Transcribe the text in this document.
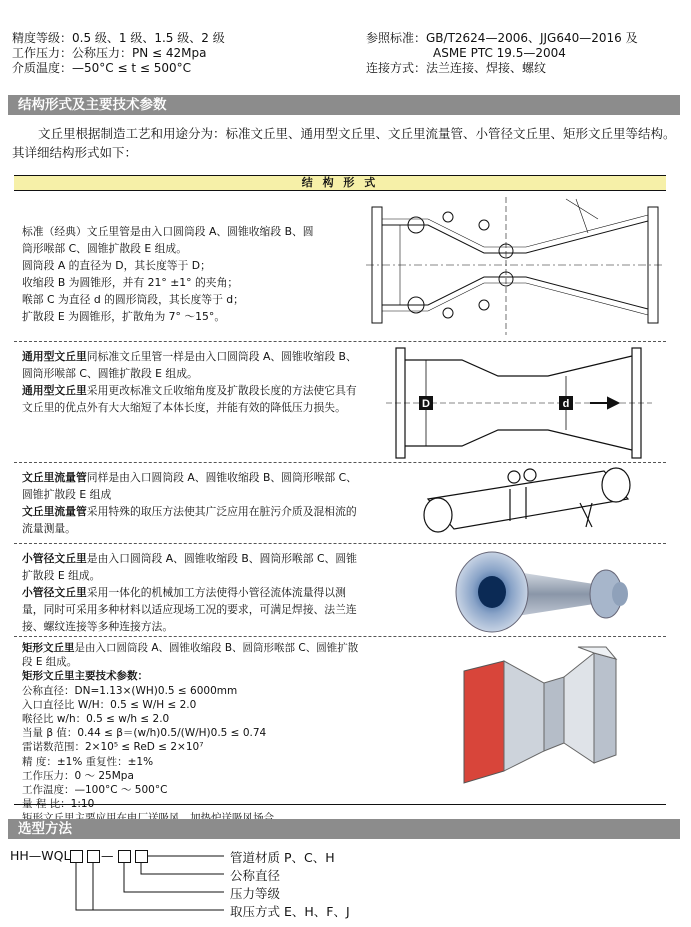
精度等级：0.5 级、1 级、1.5 级、2 级
工作压力：公称压力：PN ≤ 42Mpa
介质温度：—50°C ≤ t ≤ 500°C
参照标准：GB/T2624—2006、JJG640—2016 及
ASME PTC 19.5—2004
连接方式：法兰连接、焊接、螺纹
结构形式及主要技术参数
文丘里根据制造工艺和用途分为：标准文丘里、通用型文丘里、文丘里流量管、小管径文丘里、矩形文丘里等结构。其详细结构形式如下：
结 构 形 式

标准（经典）文丘里管是由入口圆筒段 A、圆锥收缩段 B、圆

筒形喉部 C、圆锥扩散段 E 组成。

圆筒段 A 的直径为 D，其长度等于 D；

收缩段 B 为圆锥形，并有 21° ±1° 的夹角；

喉部 C 为直径 d 的圆形筒段，其长度等于 d；

扩散段 E 为圆锥形，扩散角为 7° ～15°。

通用型文丘里同标准文丘里管一样是由入口圆筒段 A、圆锥收缩段 B、圆筒形喉部 C、圆锥扩散段 E 组成。

通用型文丘里采用更改标准文丘收缩角度及扩散段长度的方法使它具有文丘里的优点外有大大缩短了本体长度，并能有效的降低压力损失。	D	d

文丘里流量管同样是由入口圆筒段 A、圆锥收缩段 B、圆筒形喉部 C、圆锥扩散段 E 组成

文丘里流量管采用特殊的取压方法使其广泛应用在脏污介质及混相流的流量测量。

小管径文丘里是由入口圆筒段 A、圆锥收缩段 B、圆筒形喉部 C、圆锥扩散段 E 组成。

小管径文丘里采用一体化的机械加工方法使得小管径流体流量得以测量，同时可采用多种材料以适应现场工况的要求，可满足焊接、法兰连接、螺纹连接等多种连接方法。

矩形文丘里是由入口圆筒段 A、圆锥收缩段 B、圆筒形喉部 C、圆锥扩散段 E 组成。

矩形文丘里主要技术参数：

公称直径：DN=1.13×(WH)0.5 ≤ 6000mm

入口直径比 W/H：0.5 ≤ W/H ≤ 2.0

喉径比 w/h：0.5 ≤ w/h ≤ 2.0

当量 β 值：0.44 ≤ β＝(w/h)0.5/(W/H)0.5 ≤ 0.74

雷诺数范围：2×10⁵ ≤ ReD ≤ 2×10⁷

精 度：±1% 重复性：±1%

工作压力：0 ～ 25Mpa

工作温度：—100°C ～ 500°C

量 程 比：1:10

选型方法
HH—WQL —	管道材质 P、C、H
公称直径
压力等级
取压方式 E、H、F、J
